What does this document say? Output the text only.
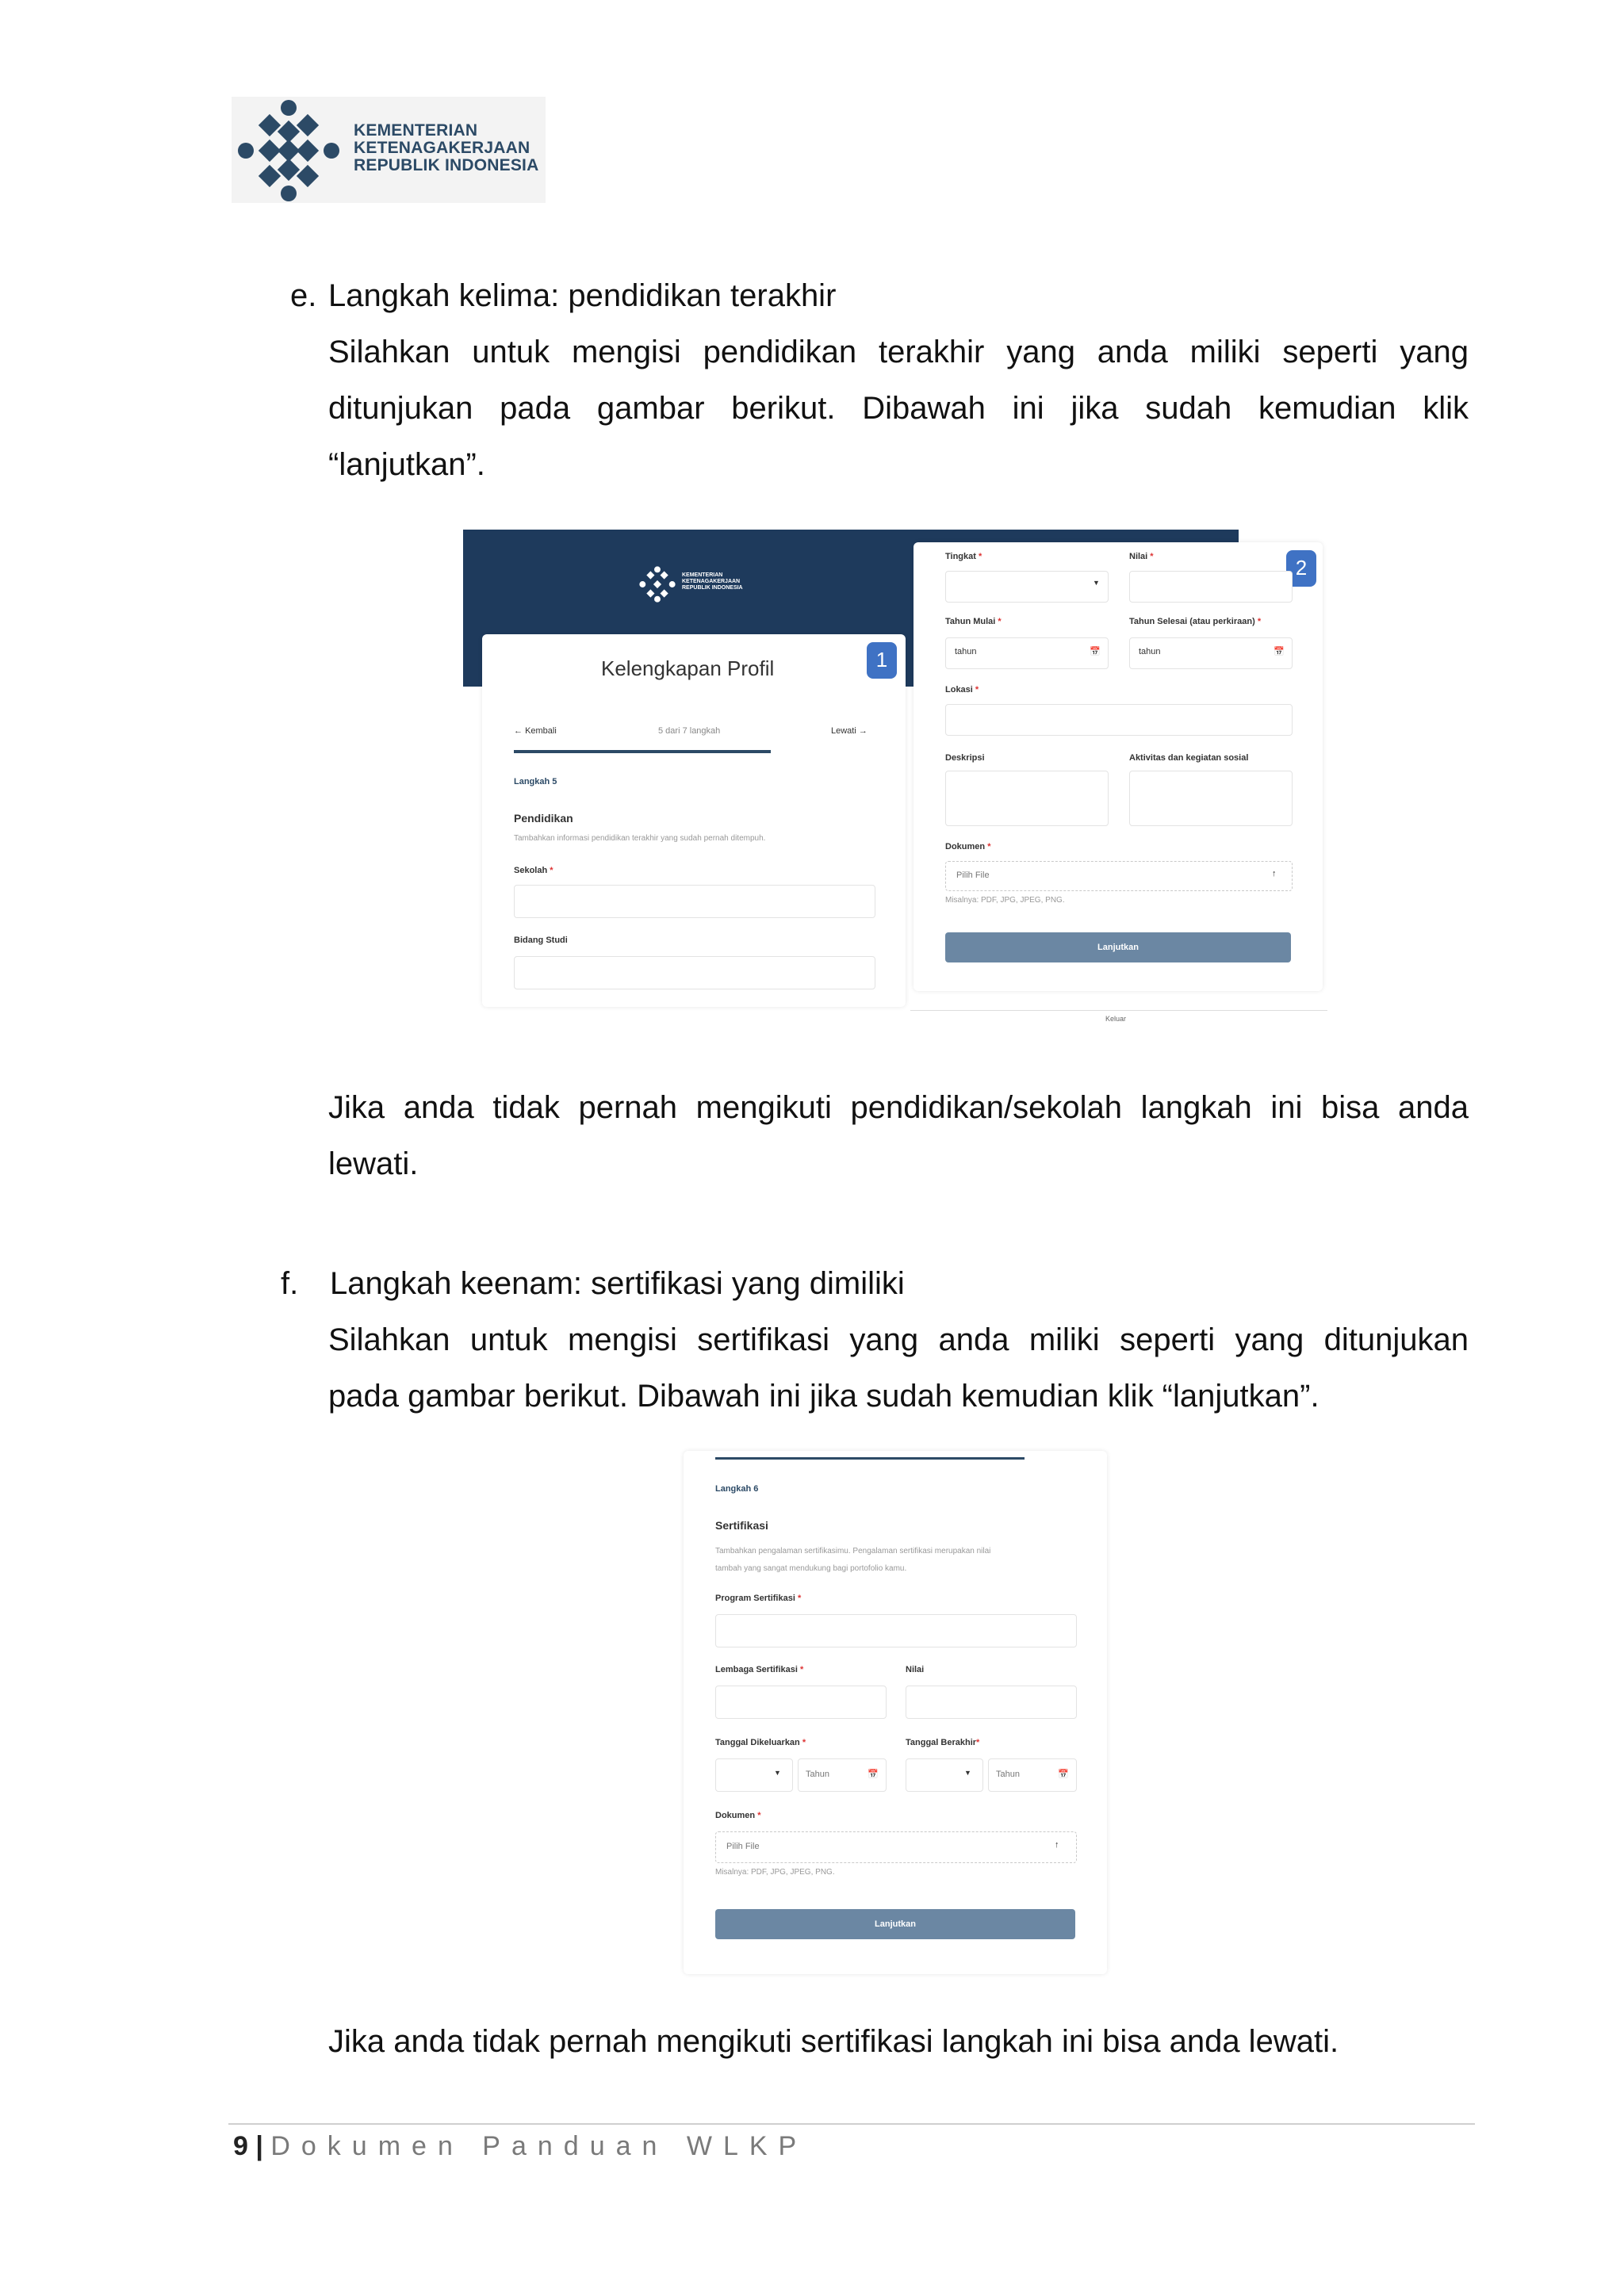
KEMENTERIAN
KETENAGAKERJAAN
REPUBLIK INDONESIA
e. Langkah kelima: pendidikan terakhir
Silahkan untuk mengisi pendidikan terakhir yang anda miliki seperti yang
ditunjukan pada gambar berikut. Dibawah ini jika sudah kemudian klik
“lanjutkan”.
KEMENTERIAN
KETENAGAKERJAAN
REPUBLIK INDONESIA
Kelengkapan Profil	1
← Kembali	5 dari 7 langkah	Lewati →
Langkah 5
Pendidikan
Tambahkan informasi pendidikan terakhir yang sudah pernah ditempuh.
Sekolah *
Bidang Studi
2
Tingkat *	Nilai *
▼
Tahun Mulai *	Tahun Selesai (atau perkiraan) *
tahun	📅	tahun	📅
Lokasi *
Deskripsi	Aktivitas dan kegiatan sosial
Dokumen *
Pilih File	↑
Misalnya: PDF, JPG, JPEG, PNG.
Lanjutkan
Keluar
Jika anda tidak pernah mengikuti pendidikan/sekolah langkah ini bisa anda
lewati.
f. Langkah keenam: sertifikasi yang dimiliki
Silahkan untuk mengisi sertifikasi yang anda miliki seperti yang ditunjukan
pada gambar berikut. Dibawah ini jika sudah kemudian klik “lanjutkan”.
Langkah 6
Sertifikasi
Tambahkan pengalaman sertifikasimu. Pengalaman sertifikasi merupakan nilai
tambah yang sangat mendukung bagi portofolio kamu.
Program Sertifikasi *
Lembaga Sertifikasi *	Nilai
Tanggal Dikeluarkan *	Tanggal Berakhir*
▼	Tahun	📅	▼	Tahun	📅
Dokumen *
Pilih File	↑
Misalnya: PDF, JPG, JPEG, PNG.
Lanjutkan
Jika anda tidak pernah mengikuti sertifikasi langkah ini bisa anda lewati.
9 | Dokumen Panduan WLKP
